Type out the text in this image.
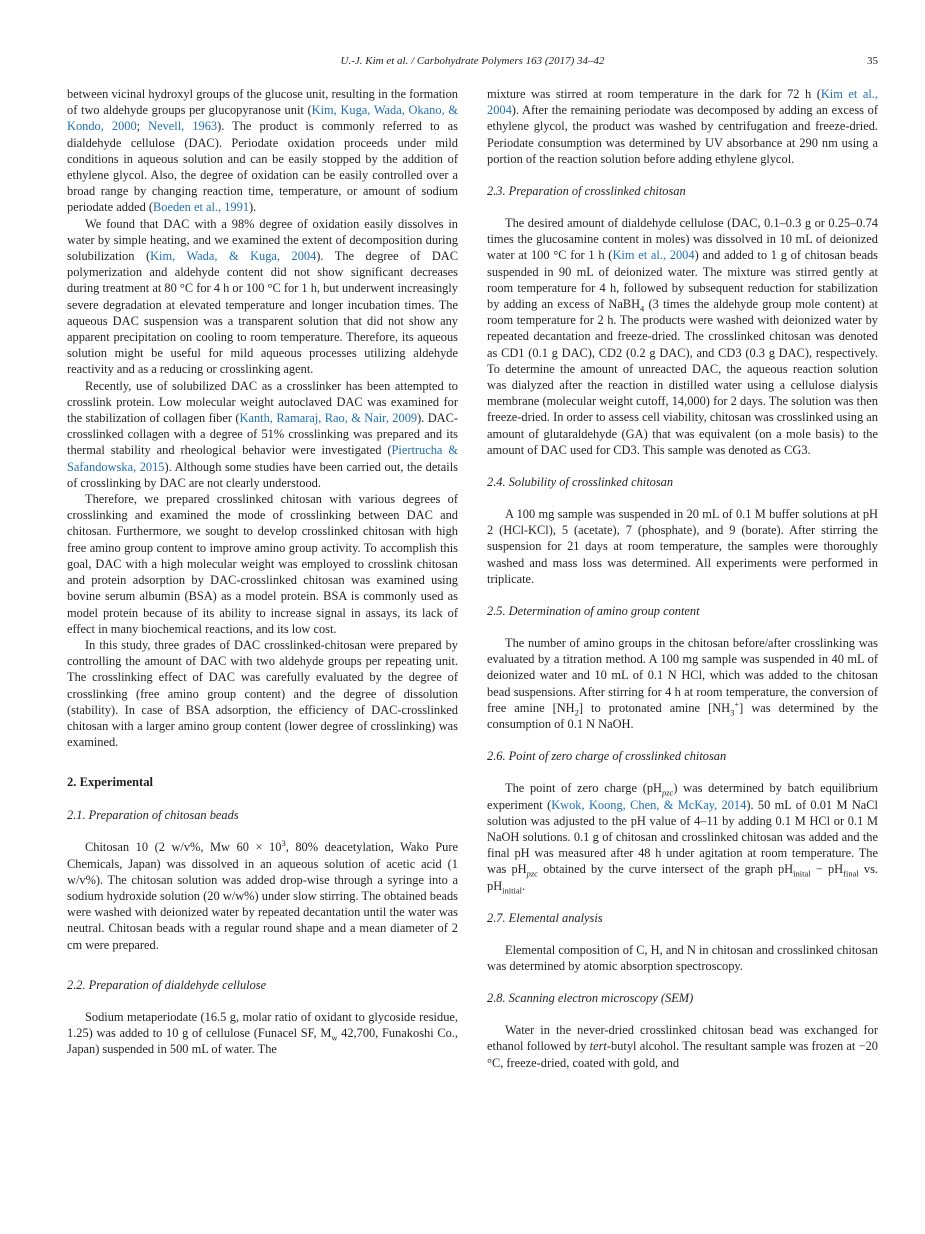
U.-J. Kim et al. / Carbohydrate Polymers 163 (2017) 34–42	35

between vicinal hydroxyl groups of the glucose unit, resulting in the formation of two aldehyde groups per glucopyranose unit (Kim, Kuga, Wada, Okano, & Kondo, 2000; Nevell, 1963). The product is commonly referred to as dialdehyde cellulose (DAC). Periodate oxidation proceeds under mild conditions in aqueous solution and can be easily stopped by the addition of ethylene glycol. Also, the degree of oxidation can be easily controlled over a broad range by changing reaction time, temperature, or amount of sodium periodate added (Boeden et al., 1991).

We found that DAC with a 98% degree of oxidation easily dissolves in water by simple heating, and we examined the extent of decomposition during solubilization (Kim, Wada, & Kuga, 2004). The degree of DAC polymerization and aldehyde content did not show significant decreases during treatment at 80 °C for 4 h or 100 °C for 1 h, but underwent increasingly severe degradation at elevated temperature and longer incubation times. The aqueous DAC suspension was a transparent solution that did not show any apparent precipitation on cooling to room temperature. Therefore, its aqueous solution might be useful for mild aqueous processes utilizing aldehyde reactivity and as a reducing or crosslinking agent.

Recently, use of solubilized DAC as a crosslinker has been attempted to crosslink protein. Low molecular weight autoclaved DAC was examined for the stabilization of collagen fiber (Kanth, Ramaraj, Rao, & Nair, 2009). DAC-crosslinked collagen with a degree of 51% crosslinking was prepared and its thermal stability and rheological behavior were investigated (Piertrucha & Safandowska, 2015). Although some studies have been carried out, the details of crosslinking by DAC are not clearly understood.

Therefore, we prepared crosslinked chitosan with various degrees of crosslinking and examined the mode of crosslinking between DAC and chitosan. Furthermore, we sought to develop crosslinked chitosan with high free amino group content to improve amino group activity. To accomplish this goal, DAC with a high molecular weight was employed to crosslink chitosan and protein adsorption by DAC-crosslinked chitosan was examined using bovine serum albumin (BSA) as a model protein. BSA is commonly used as model protein because of its ability to increase signal in assays, its lack of effect in many biochemical reactions, and its low cost.

In this study, three grades of DAC crosslinked-chitosan were prepared by controlling the amount of DAC with two aldehyde groups per repeating unit. The crosslinking effect of DAC was carefully evaluated by the degree of crosslinking (free amino group content) and the degree of dissolution (stability). In case of BSA adsorption, the efficiency of DAC-crosslinked chitosan with a larger amino group content (lower degree of crosslinking) was examined.

2. Experimental
2.1. Preparation of chitosan beads

Chitosan 10 (2 w/v%, Mw $60 \times 10^3$, 80% deacetylation, Wako Pure Chemicals, Japan) was dissolved in an aqueous solution of acetic acid (1 w/v%). The chitosan solution was added drop-wise through a syringe into a sodium hydroxide solution (20 w/w%) under slow stirring. The obtained beads were washed with deionized water by repeated decantation until the water was neutral. Chitosan beads with a regular round shape and a mean diameter of 2 cm were prepared.

2.2. Preparation of dialdehyde cellulose

Sodium metaperiodate (16.5 g, molar ratio of oxidant to glycoside residue, 1.25) was added to 10 g of cellulose (Funacel SF, $M_w$ 42,700, Funakoshi Co., Japan) suspended in 500 mL of water. The

mixture was stirred at room temperature in the dark for 72 h (Kim et al., 2004). After the remaining periodate was decomposed by adding an excess of ethylene glycol, the product was washed by centrifugation and freeze-dried. Periodate consumption was determined by UV absorbance at 290 nm using a portion of the reaction solution before adding ethylene glycol.

2.3. Preparation of crosslinked chitosan

The desired amount of dialdehyde cellulose (DAC, 0.1–0.3 g or 0.25–0.74 times the glucosamine content in moles) was dissolved in 10 mL of deionized water at 100 °C for 1 h (Kim et al., 2004) and added to 1 g of chitosan beads suspended in 90 mL of deionized water. The mixture was stirred gently at room temperature for 4 h, followed by subsequent reduction for stabilization by adding an excess of NaBH$_4$ (3 times the aldehyde group mole content) at room temperature for 2 h. The products were washed with deionized water by repeated decantation and freeze-dried. The crosslinked chitosan was denoted as CD1 (0.1 g DAC), CD2 (0.2 g DAC), and CD3 (0.3 g DAC), respectively. To determine the amount of unreacted DAC, the aqueous reaction solution was dialyzed after the reaction in distilled water using a cellulose dialysis membrane (molecular weight cutoff, 14,000) for 2 days. The solution was then freeze-dried. In order to assess cell viability, chitosan was crosslinked using an amount of glutaraldehyde (GA) that was equivalent (on a mole basis) to the amount of DAC used for CD3. This sample was denoted as CG3.

2.4. Solubility of crosslinked chitosan

A 100 mg sample was suspended in 20 mL of 0.1 M buffer solutions at pH 2 (HCl-KCl), 5 (acetate), 7 (phosphate), and 9 (borate). After stirring the suspension for 21 days at room temperature, the samples were thoroughly washed and mass loss was determined. All experiments were performed in triplicate.

2.5. Determination of amino group content

The number of amino groups in the chitosan before/after crosslinking was evaluated by a titration method. A 100 mg sample was suspended in 40 mL of deionized water and 10 mL of 0.1 N HCl, which was added to the chitosan bead suspensions. After stirring for 4 h at room temperature, the conversion of free amine $[NH_2]$ to protonated amine $[NH_3^+]$ was determined by the consumption of 0.1 N NaOH.

2.6. Point of zero charge of crosslinked chitosan

The point of zero charge $(pH_{pzc})$ was determined by batch equilibrium experiment (Kwok, Koong, Chen, & McKay, 2014). 50 mL of 0.01 M NaCl solution was adjusted to the pH value of 4–11 by adding 0.1 M HCl or 0.1 M NaOH solutions. 0.1 g of chitosan and crosslinked chitosan was added and the final pH was measured after 48 h under agitation at room temperature. The was $pH_{pzc}$ obtained by the curve intersect of the graph $pH_{inital} - pH_{final}$ vs. $pH_{initial}$.

2.7. Elemental analysis

Elemental composition of C, H, and N in chitosan and crosslinked chitosan was determined by atomic absorption spectroscopy.

2.8. Scanning electron microscopy (SEM)

Water in the never-dried crosslinked chitosan bead was exchanged for ethanol followed by tert-butyl alcohol. The resultant sample was frozen at −20 °C, freeze-dried, coated with gold, and
